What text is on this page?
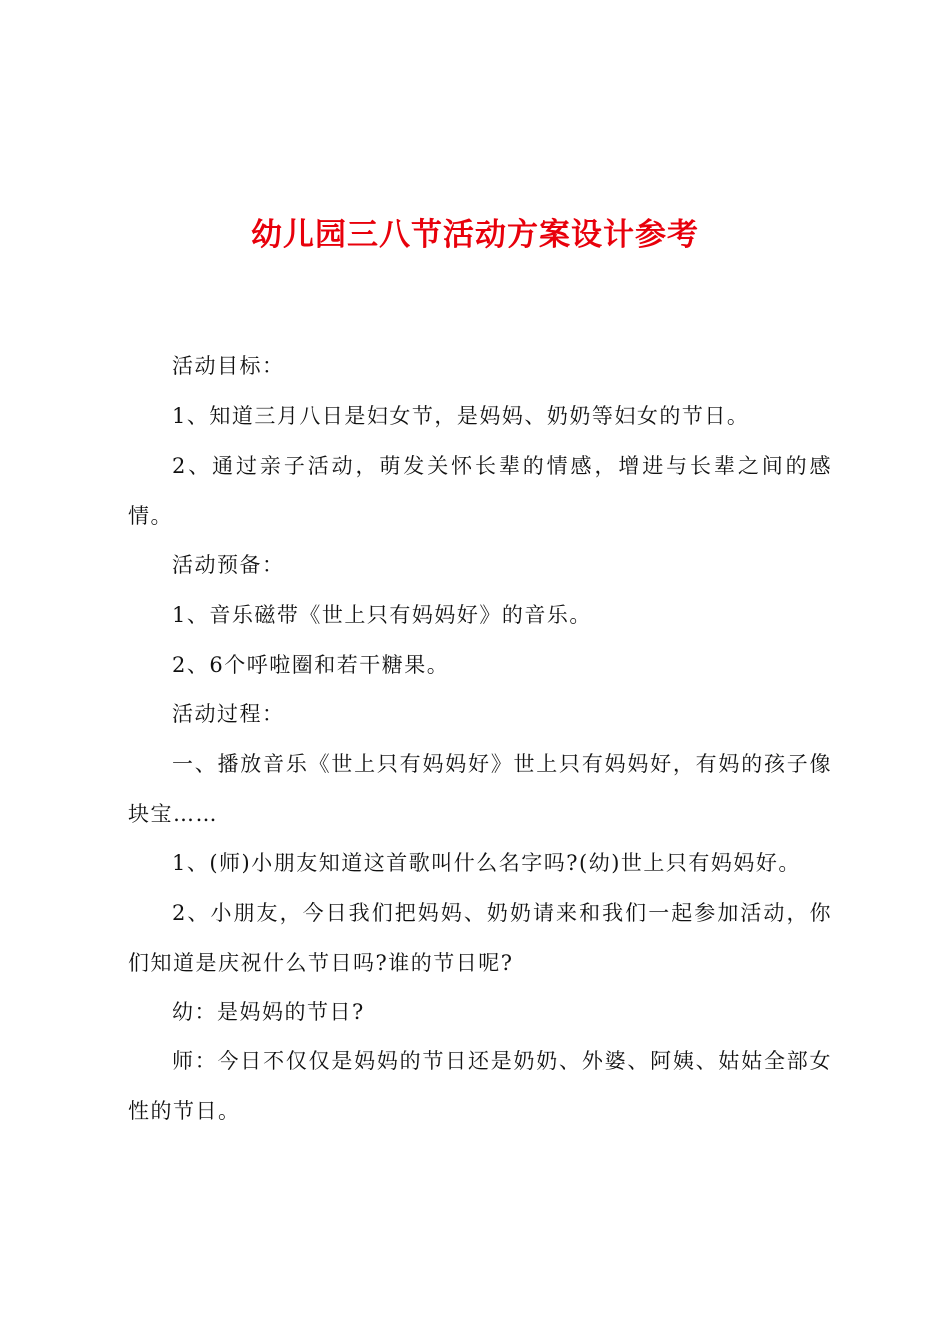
幼儿园三八节活动方案设计参考
活动目标：
1、知道三月八日是妇女节，是妈妈、奶奶等妇女的节日。
2、通过亲子活动，萌发关怀长辈的情感，增进与长辈之间的感情。
活动预备：
1、音乐磁带《世上只有妈妈好》的音乐。
2、6个呼啦圈和若干糖果。
活动过程：
一、播放音乐《世上只有妈妈好》世上只有妈妈好，有妈的孩子像块宝……
1、(师)小朋友知道这首歌叫什么名字吗?(幼)世上只有妈妈好。
2、小朋友，今日我们把妈妈、奶奶请来和我们一起参加活动，你们知道是庆祝什么节日吗?谁的节日呢?
幼：是妈妈的节日?
师：今日不仅仅是妈妈的节日还是奶奶、外婆、阿姨、姑姑全部女性的节日。
